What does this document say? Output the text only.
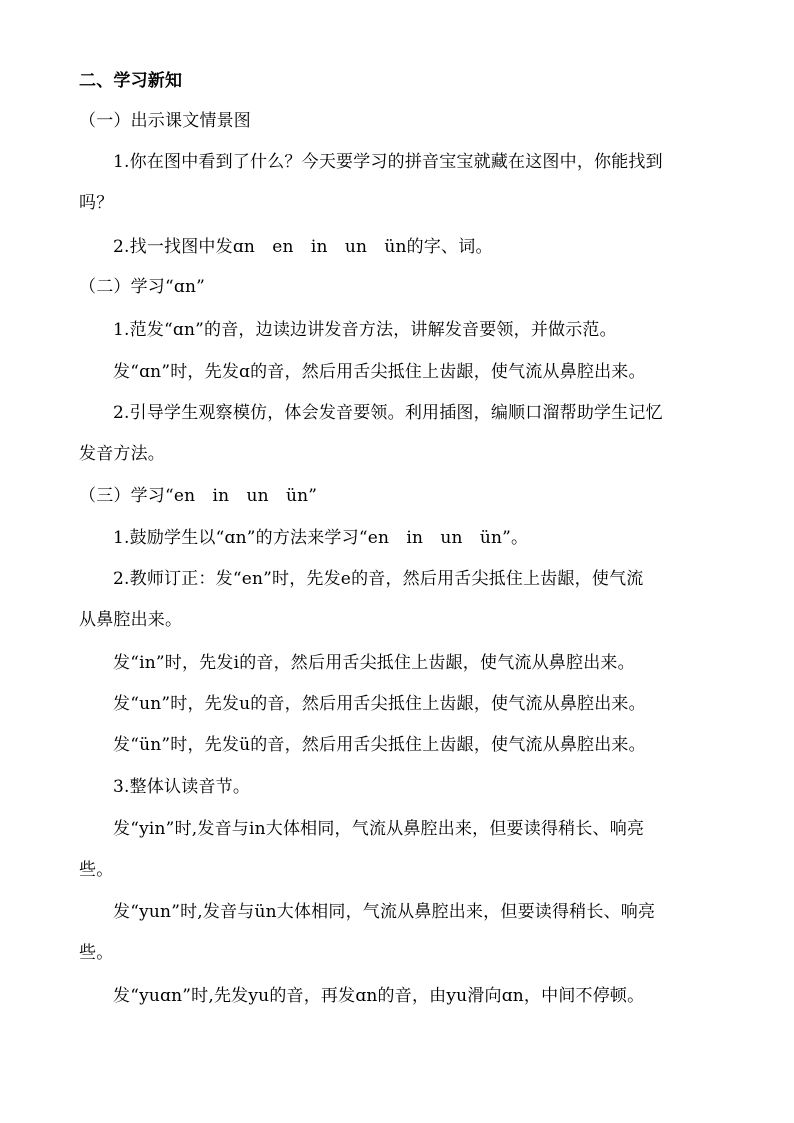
二、学习新知
（一）出示课文情景图
1.你在图中看到了什么？今天要学习的拼音宝宝就藏在这图中，你能找到
吗？
2.找一找图中发ɑn　en　in　un　ün的字、词。
（二）学习“ɑn”
1.范发“ɑn”的音，边读边讲发音方法，讲解发音要领，并做示范。
发“ɑn”时，先发ɑ的音，然后用舌尖抵住上齿龈，使气流从鼻腔出来。
2.引导学生观察模仿，体会发音要领。利用插图，编顺口溜帮助学生记忆
发音方法。
（三）学习“en　in　un　ün”
1.鼓励学生以“ɑn”的方法来学习“en　in　un　ün”。
2.教师订正：发“en”时，先发e的音，然后用舌尖抵住上齿龈，使气流
从鼻腔出来。
发“in”时，先发i的音，然后用舌尖抵住上齿龈，使气流从鼻腔出来。
发“un”时，先发u的音，然后用舌尖抵住上齿龈，使气流从鼻腔出来。
发“ün”时，先发ü的音，然后用舌尖抵住上齿龈，使气流从鼻腔出来。
3.整体认读音节。
发“yin”时,发音与in大体相同，气流从鼻腔出来，但要读得稍长、响亮
些。
发“yun”时,发音与ün大体相同，气流从鼻腔出来，但要读得稍长、响亮
些。
发“yuɑn”时,先发yu的音，再发ɑn的音，由yu滑向ɑn，中间不停顿。
